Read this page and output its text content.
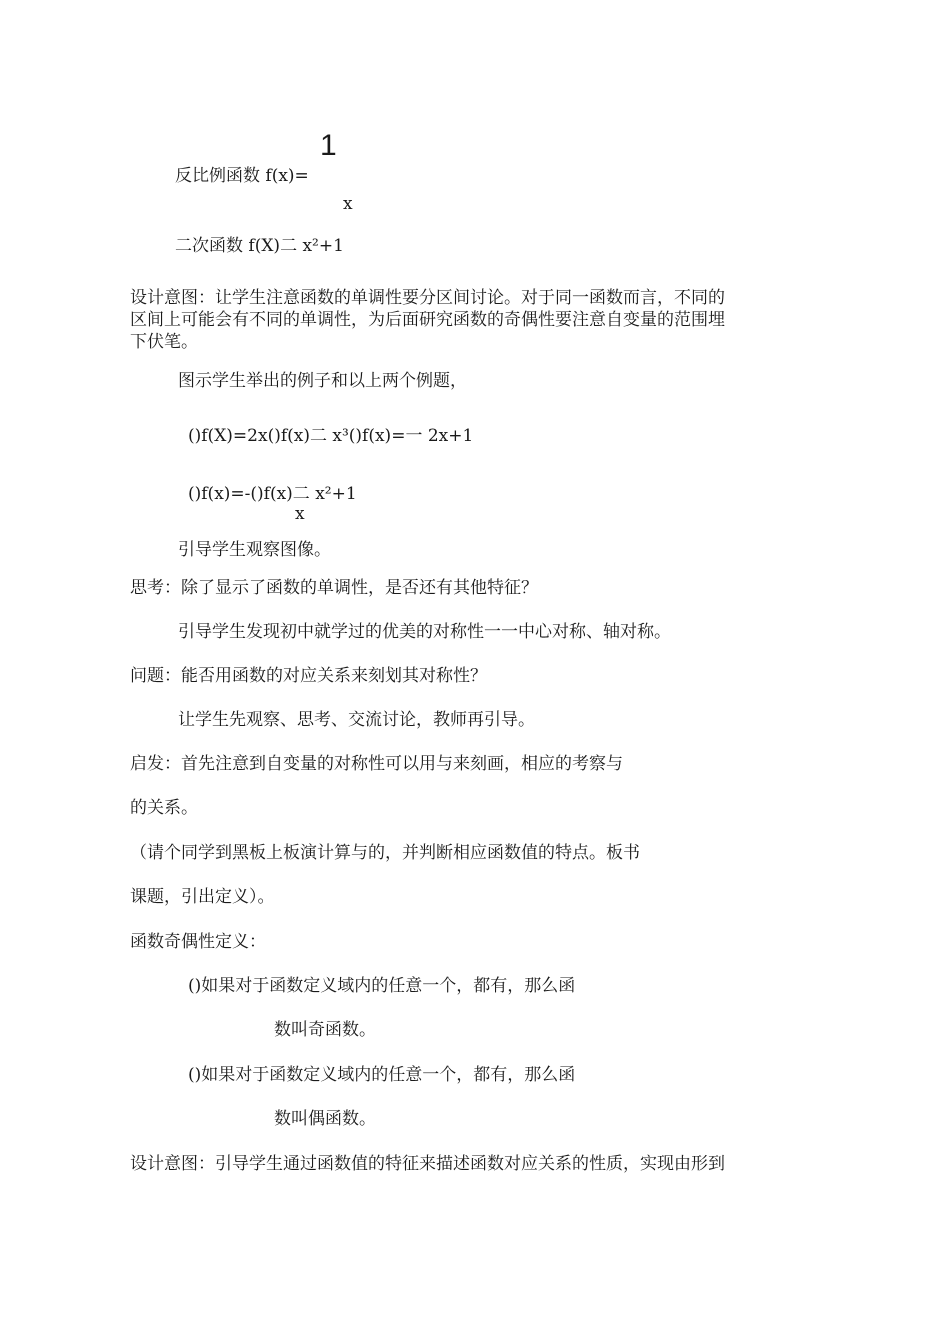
1
反比例函数 f(x)=
x
二次函数 f(X)二 x²+1
设计意图：让学生注意函数的单调性要分区间讨论。对于同一函数而言，不同的
区间上可能会有不同的单调性，为后面研究函数的奇偶性要注意自变量的范围埋
下伏笔。
图示学生举出的例子和以上两个例题，
()f(X)=2x()f(x)二 x³()f(x)=一 2x+1
()f(x)=-()f(x)二 x²+1
x
引导学生观察图像。
思考：除了显示了函数的单调性，是否还有其他特征？
引导学生发现初中就学过的优美的对称性一一中心对称、轴对称。
问题：能否用函数的对应关系来刻划其对称性？
让学生先观察、思考、交流讨论，教师再引导。
启发：首先注意到自变量的对称性可以用与来刻画，相应的考察与
的关系。
（请个同学到黑板上板演计算与的，并判断相应函数值的特点。板书
课题，引出定义）。
函数奇偶性定义：
()如果对于函数定义域内的任意一个，都有，那么函
数叫奇函数。
()如果对于函数定义域内的任意一个，都有，那么函
数叫偶函数。
设计意图：引导学生通过函数值的特征来描述函数对应关系的性质，实现由形到
